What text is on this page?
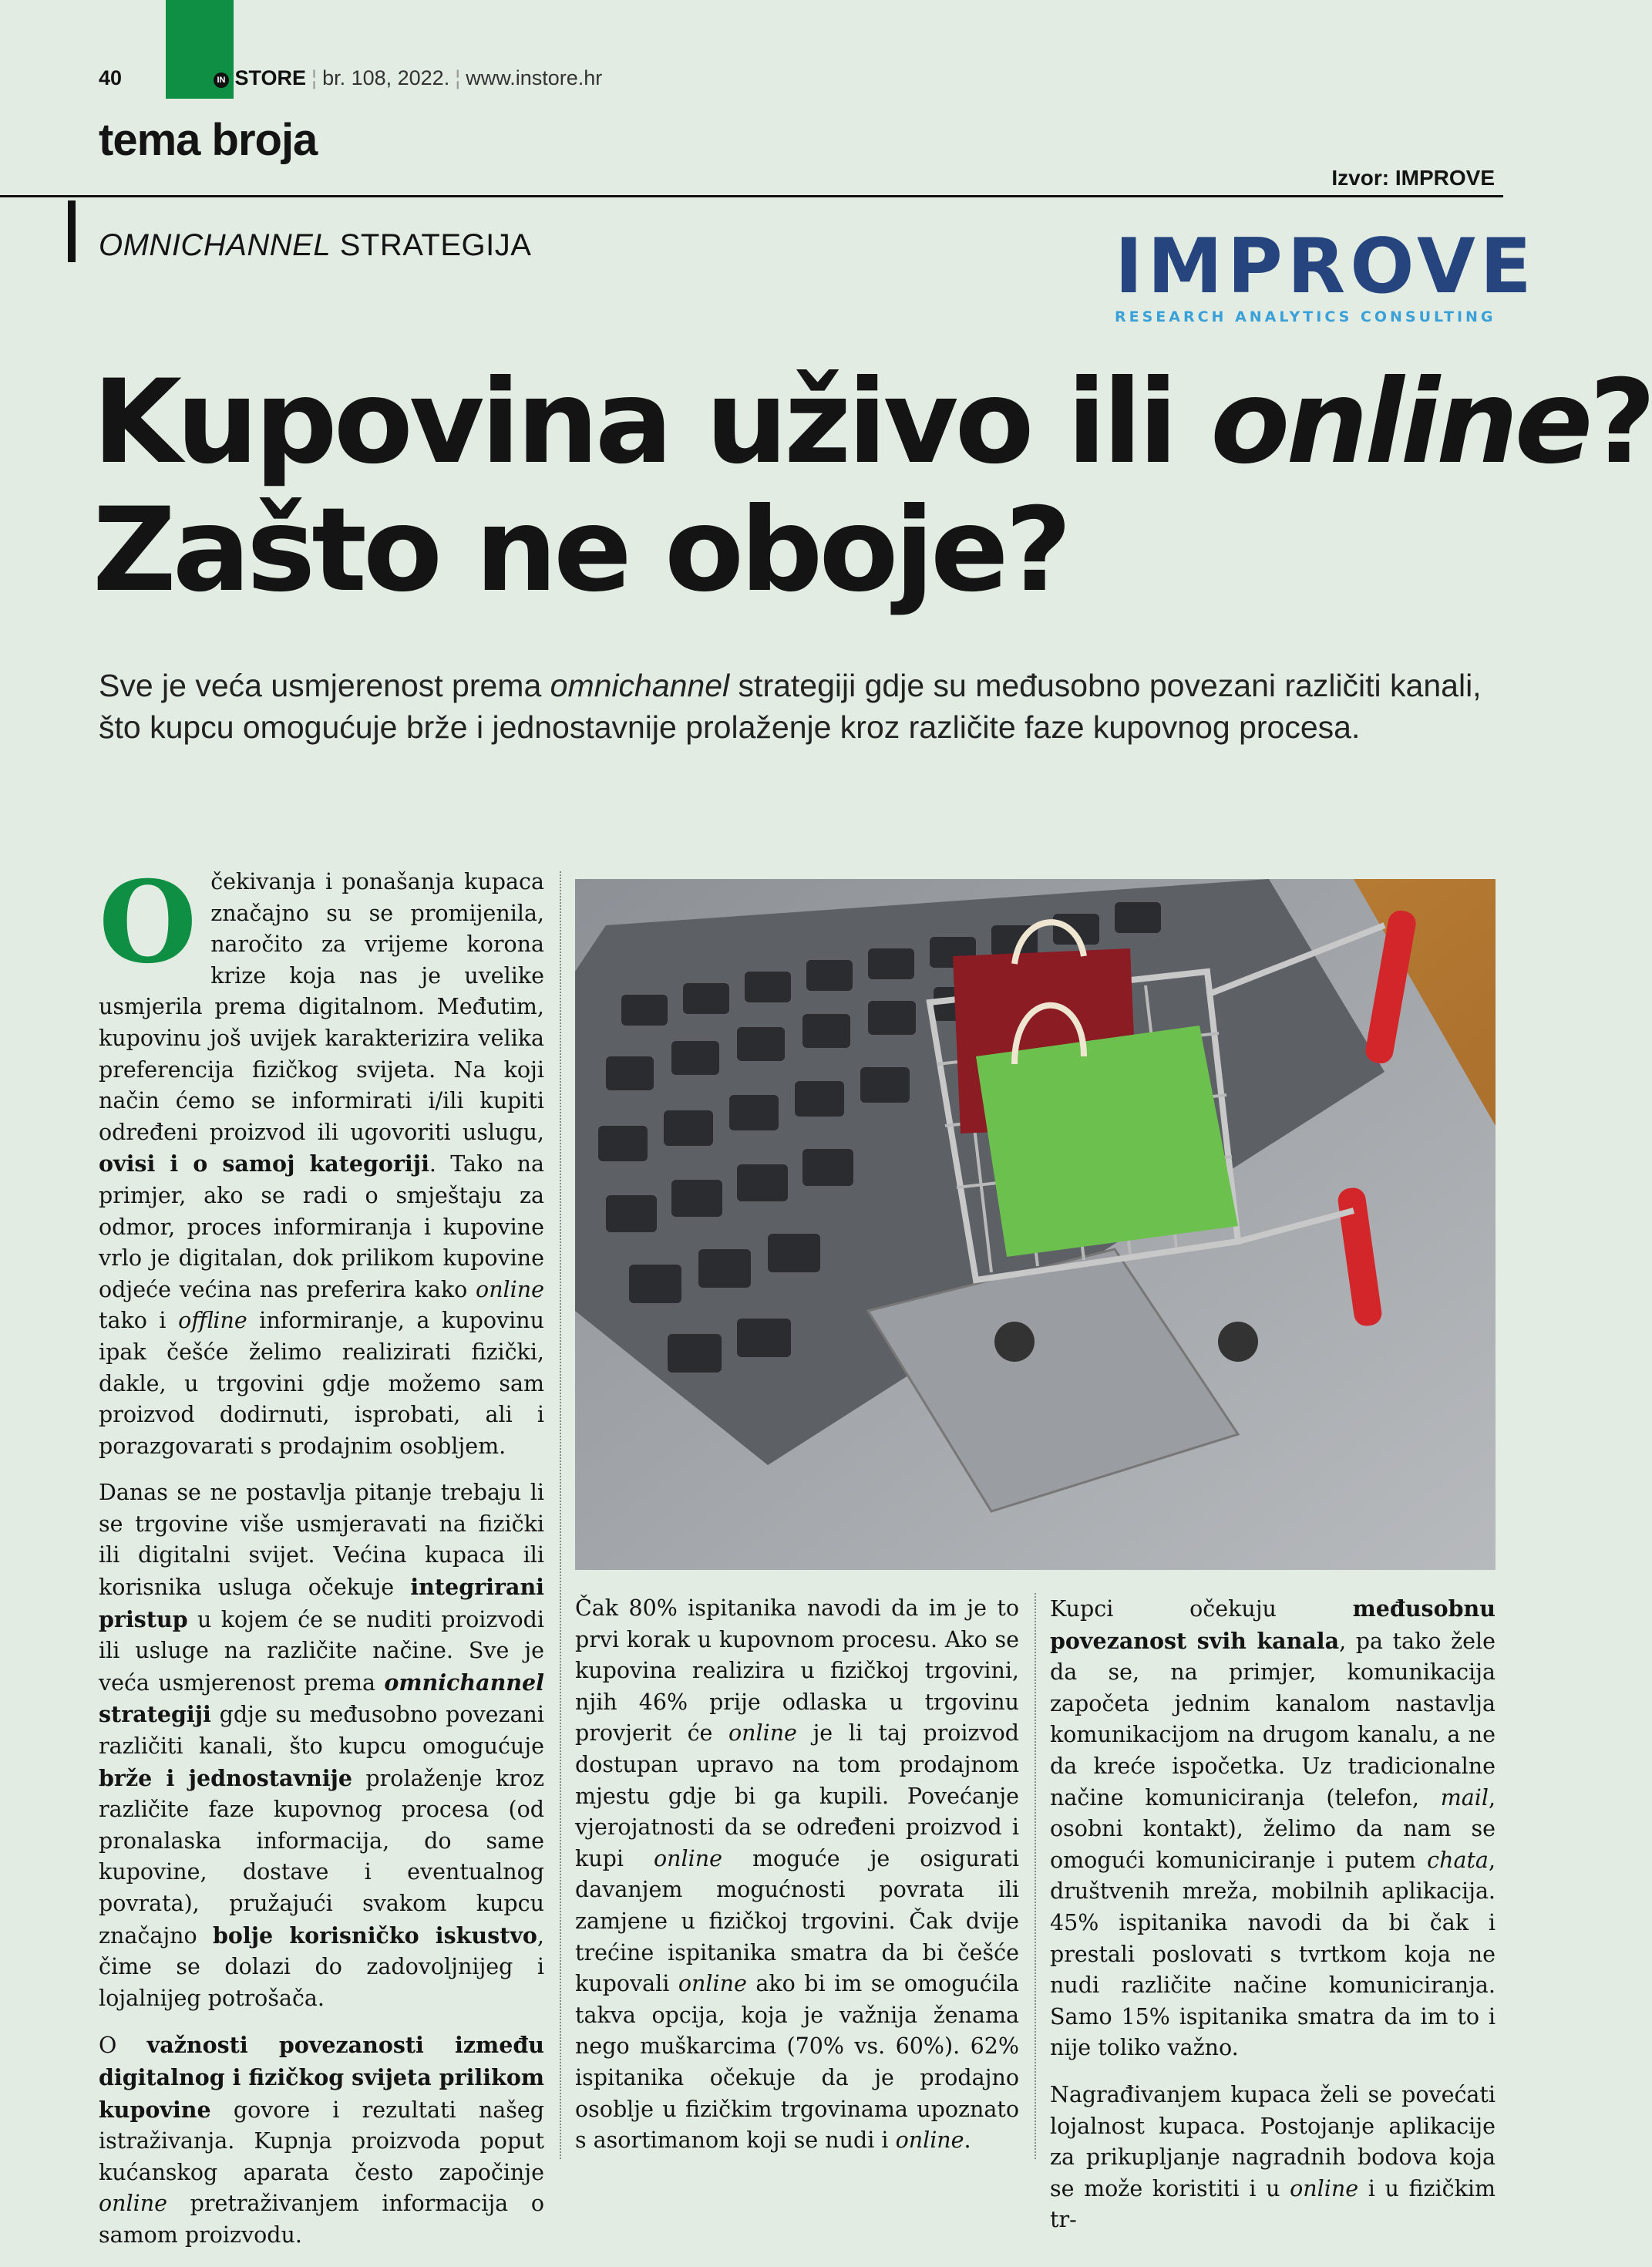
40	IN STORE ¦ br. 108, 2022. ¦ www.instore.hr
tema broja
Izvor: IMPROVE
OMNICHANNEL STRATEGIJA	IMPROVE
RESEARCH ANALYTICS CONSULTING
Kupovina uživo ili online?
Zašto ne oboje?
Sve je veća usmjerenost prema omnichannel strategiji gdje su međusobno povezani različiti kanali, što kupcu omogućuje brže i jednostavnije prolaženje kroz različite faze kupovnog procesa.

Očekivanja i ponašanja kupaca značajno su se promijenila, naročito za vrijeme korona krize koja nas je uvelike usmjerila prema digitalnom. Međutim, kupovinu još uvijek karakterizira velika preferencija fizičkog svijeta. Na koji način ćemo se informirati i/ili kupiti određeni proizvod ili ugovoriti uslugu, ovisi i o samoj kategoriji. Tako na primjer, ako se radi o smještaju za odmor, proces informiranja i kupovine vrlo je digitalan, dok prilikom kupovine odjeće većina nas preferira kako online tako i offline informiranje, a kupovinu ipak češće želimo realizirati fizički, dakle, u trgovini gdje možemo sam proizvod dodirnuti, isprobati, ali i porazgovarati s prodajnim osobljem.

Danas se ne postavlja pitanje trebaju li se trgovine više usmjeravati na fizički ili digitalni svijet. Većina kupaca ili korisnika usluga očekuje integrirani pristup u kojem će se nuditi proizvodi ili usluge na različite načine. Sve je veća usmjerenost prema omnichannel strategiji gdje su međusobno povezani različiti kanali, što kupcu omogućuje brže i jednostavnije prolaženje kroz različite faze kupovnog procesa (od pronalaska informacija, do same kupovine, dostave i eventualnog povrata), pružajući svakom kupcu značajno bolje korisničko iskustvo, čime se dolazi do zadovoljnijeg i lojalnijeg potrošača.

O važnosti povezanosti između digitalnog i fizičkog svijeta prilikom kupovine govore i rezultati našeg istraživanja. Kupnja proizvoda poput kućanskog aparata često započinje online pretraživanjem informacija o samom proizvodu.

Čak 80% ispitanika navodi da im je to prvi korak u kupovnom procesu. Ako se kupovina realizira u fizičkoj trgovini, njih 46% prije odlaska u trgovinu provjerit će online je li taj proizvod dostupan upravo na tom prodajnom mjestu gdje bi ga kupili. Povećanje vjerojatnosti da se određeni proizvod i kupi online moguće je osigurati davanjem mogućnosti povrata ili zamjene u fizičkoj trgovini. Čak dvije trećine ispitanika smatra da bi češće kupovali online ako bi im se omogućila takva opcija, koja je važnija ženama nego muškarcima (70% vs. 60%). 62% ispitanika očekuje da je prodajno osoblje u fizičkim trgovinama upoznato s asortimanom koji se nudi i online.

Kupci očekuju međusobnu povezanost svih kanala, pa tako žele da se, na primjer, komunikacija započeta jednim kanalom nastavlja komunikacijom na drugom kanalu, a ne da kreće ispočetka. Uz tradicionalne načine komuniciranja (telefon, mail, osobni kontakt), želimo da nam se omogući komuniciranje i putem chata, društvenih mreža, mobilnih aplikacija. 45% ispitanika navodi da bi čak i prestali poslovati s tvrtkom koja ne nudi različite načine komuniciranja. Samo 15% ispitanika smatra da im to i nije toliko važno.

Nagrađivanjem kupaca želi se povećati lojalnost kupaca. Postojanje aplikacije za prikupljanje nagradnih bodova koja se može koristiti i u online i u fizičkim tr-
